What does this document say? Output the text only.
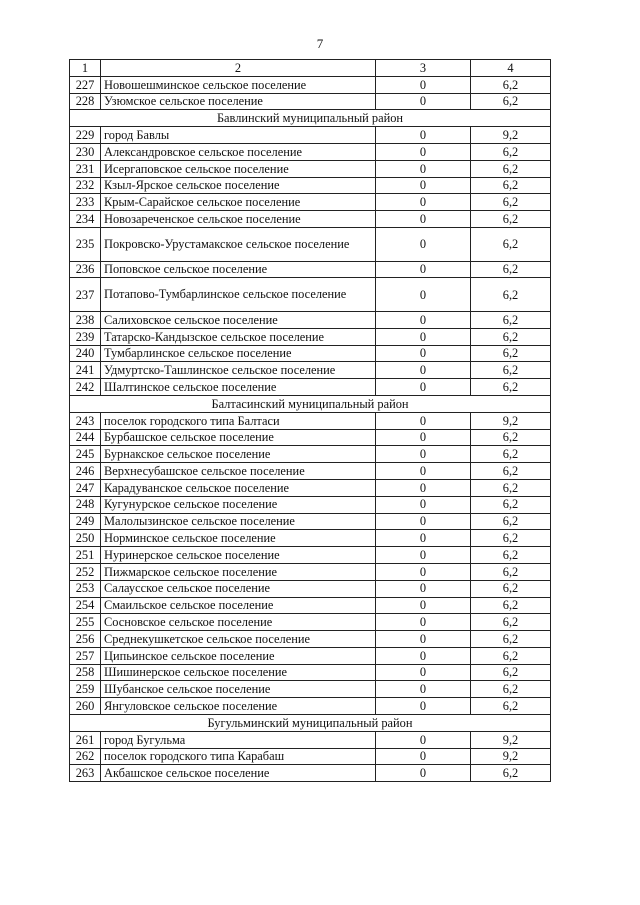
7
1	2	3	4
227	Новошешминское сельское поселение	0	6,2
228	Узюмское сельское поселение	0	6,2
Бавлинский муниципальный район			
229	город Бавлы	0	9,2
230	Александровское сельское поселение	0	6,2
231	Исергаповское сельское поселение	0	6,2
232	Кзыл-Ярское сельское поселение	0	6,2
233	Крым-Сарайское сельское поселение	0	6,2
234	Новозареченское сельское поселение	0	6,2
235	Покровско-Урустамакское сельское поселение	0	6,2
236	Поповское сельское поселение	0	6,2
237	Потапово-Тумбарлинское сельское поселение	0	6,2
238	Салиховское сельское поселение	0	6,2
239	Татарско-Кандызское сельское поселение	0	6,2
240	Тумбарлинское сельское поселение	0	6,2
241	Удмуртско-Ташлинское сельское поселение	0	6,2
242	Шалтинское сельское поселение	0	6,2
Балтасинский муниципальный район			
243	поселок городского типа Балтаси	0	9,2
244	Бурбашское сельское поселение	0	6,2
245	Бурнакское сельское поселение	0	6,2
246	Верхнесубашское сельское поселение	0	6,2
247	Карадуванское сельское поселение	0	6,2
248	Кугунурское сельское поселение	0	6,2
249	Малолызинское сельское поселение	0	6,2
250	Норминское сельское поселение	0	6,2
251	Нуринерское сельское поселение	0	6,2
252	Пижмарское сельское поселение	0	6,2
253	Салаусское сельское поселение	0	6,2
254	Смаильское сельское поселение	0	6,2
255	Сосновское сельское поселение	0	6,2
256	Среднекушкетское сельское поселение	0	6,2
257	Ципьинское сельское поселение	0	6,2
258	Шишинерское сельское поселение	0	6,2
259	Шубанское сельское поселение	0	6,2
260	Янгуловское сельское поселение	0	6,2
Бугульминский муниципальный район			
261	город Бугульма	0	9,2
262	поселок городского типа Карабаш	0	9,2
263	Акбашское сельское поселение	0	6,2
